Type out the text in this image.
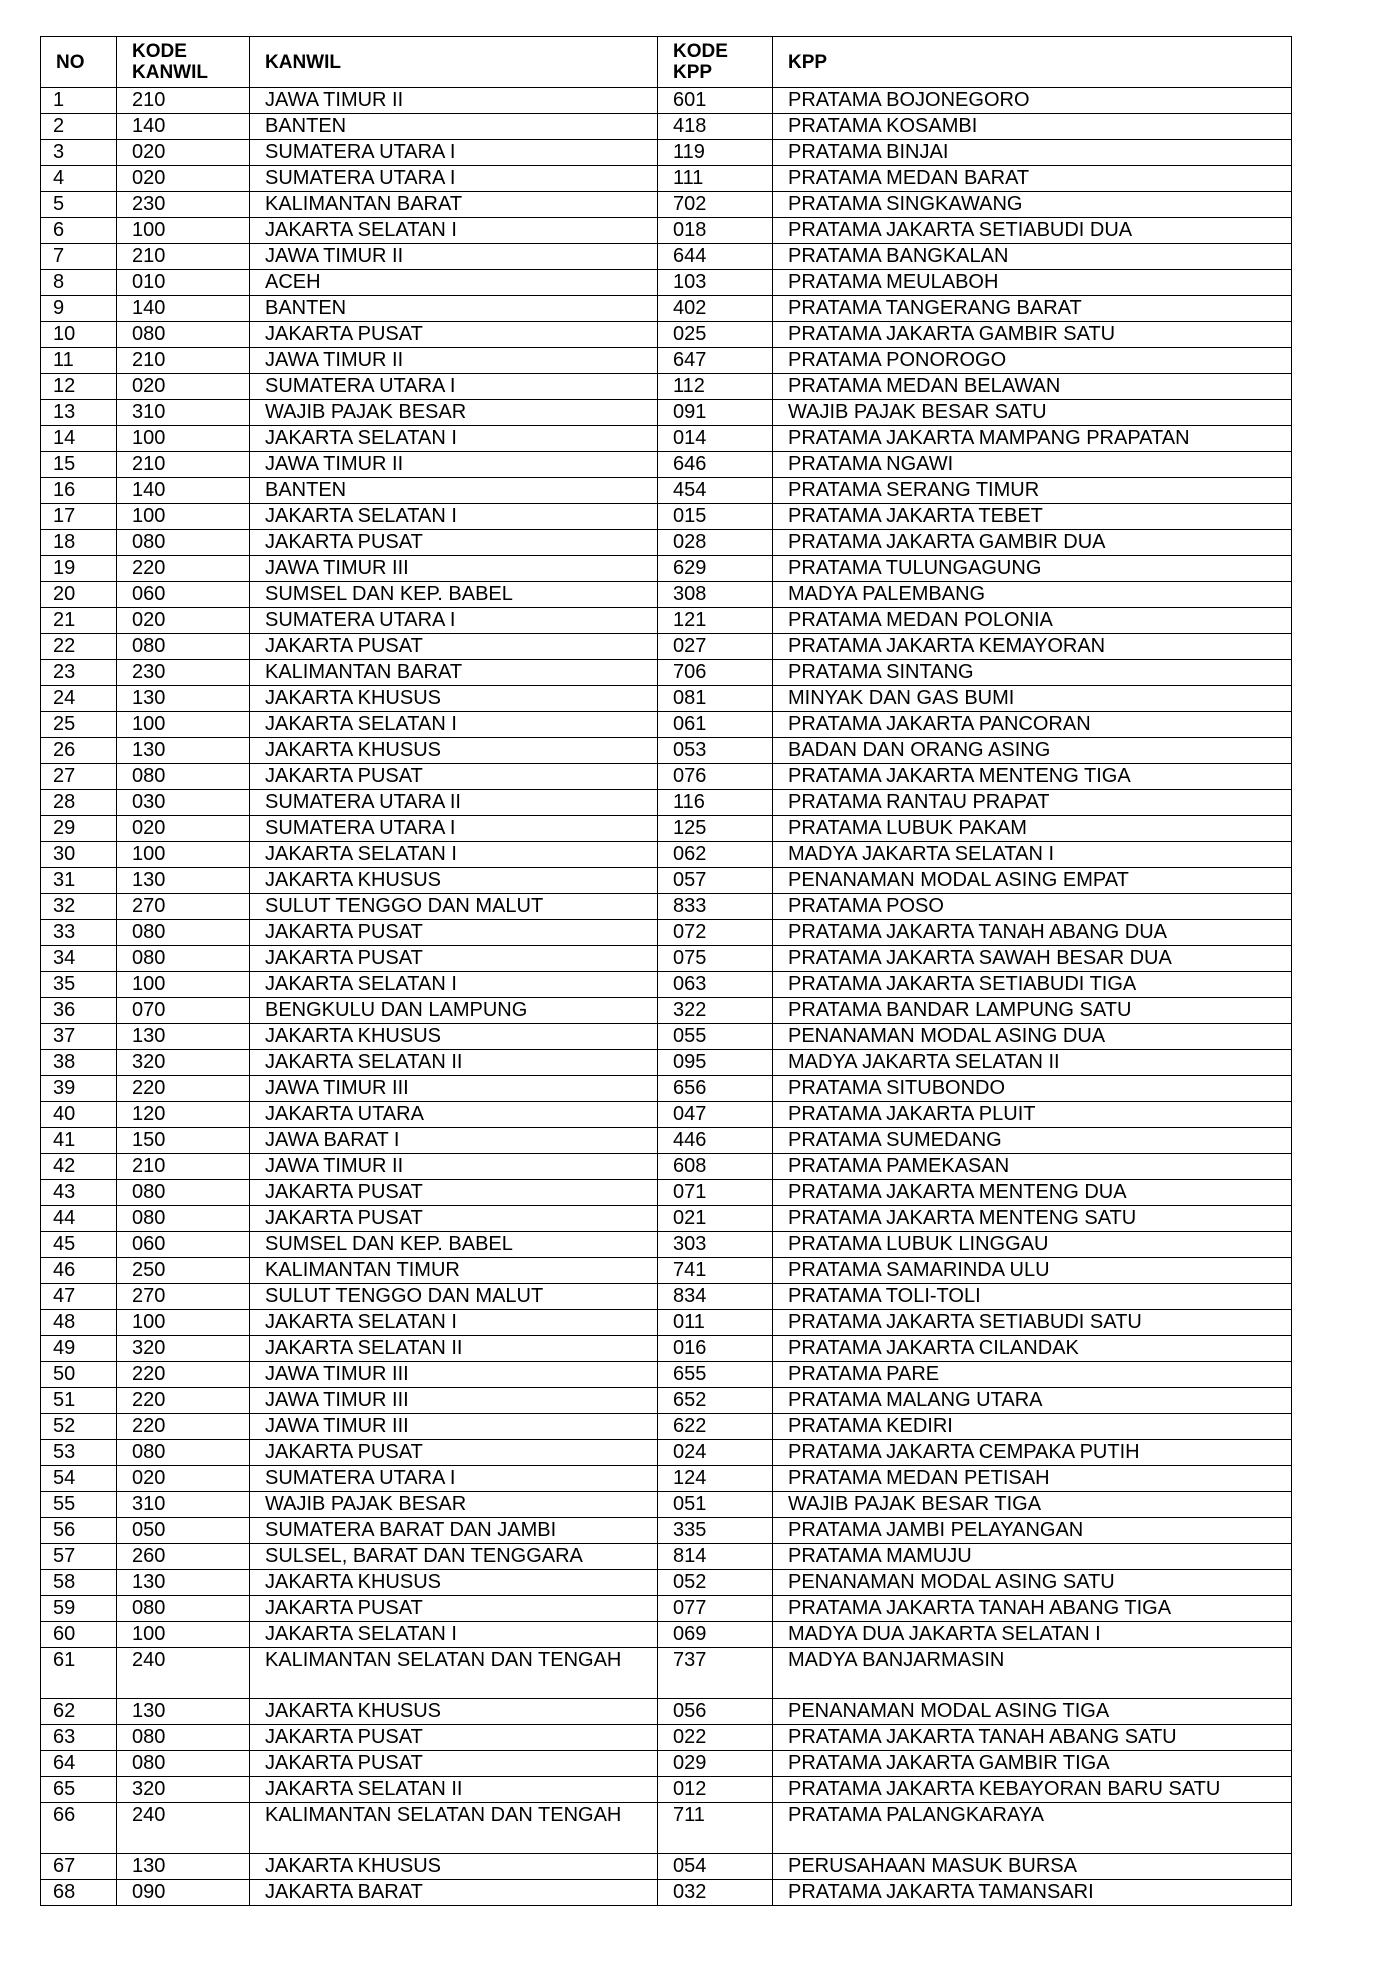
NO	KODE KANWIL	KANWIL	KODE KPP	KPP
1	210	JAWA TIMUR II	601	PRATAMA BOJONEGORO
2	140	BANTEN	418	PRATAMA KOSAMBI
3	020	SUMATERA UTARA I	119	PRATAMA BINJAI
4	020	SUMATERA UTARA I	111	PRATAMA MEDAN BARAT
5	230	KALIMANTAN BARAT	702	PRATAMA SINGKAWANG
6	100	JAKARTA SELATAN I	018	PRATAMA JAKARTA SETIABUDI DUA
7	210	JAWA TIMUR II	644	PRATAMA BANGKALAN
8	010	ACEH	103	PRATAMA MEULABOH
9	140	BANTEN	402	PRATAMA TANGERANG BARAT
10	080	JAKARTA PUSAT	025	PRATAMA JAKARTA GAMBIR SATU
11	210	JAWA TIMUR II	647	PRATAMA PONOROGO
12	020	SUMATERA UTARA I	112	PRATAMA MEDAN BELAWAN
13	310	WAJIB PAJAK BESAR	091	WAJIB PAJAK BESAR SATU
14	100	JAKARTA SELATAN I	014	PRATAMA JAKARTA MAMPANG PRAPATAN
15	210	JAWA TIMUR II	646	PRATAMA NGAWI
16	140	BANTEN	454	PRATAMA SERANG TIMUR
17	100	JAKARTA SELATAN I	015	PRATAMA JAKARTA TEBET
18	080	JAKARTA PUSAT	028	PRATAMA JAKARTA GAMBIR DUA
19	220	JAWA TIMUR III	629	PRATAMA TULUNGAGUNG
20	060	SUMSEL DAN KEP. BABEL	308	MADYA PALEMBANG
21	020	SUMATERA UTARA I	121	PRATAMA MEDAN POLONIA
22	080	JAKARTA PUSAT	027	PRATAMA JAKARTA KEMAYORAN
23	230	KALIMANTAN BARAT	706	PRATAMA SINTANG
24	130	JAKARTA KHUSUS	081	MINYAK DAN GAS BUMI
25	100	JAKARTA SELATAN I	061	PRATAMA JAKARTA PANCORAN
26	130	JAKARTA KHUSUS	053	BADAN DAN ORANG ASING
27	080	JAKARTA PUSAT	076	PRATAMA JAKARTA MENTENG TIGA
28	030	SUMATERA UTARA II	116	PRATAMA RANTAU PRAPAT
29	020	SUMATERA UTARA I	125	PRATAMA LUBUK PAKAM
30	100	JAKARTA SELATAN I	062	MADYA JAKARTA SELATAN I
31	130	JAKARTA KHUSUS	057	PENANAMAN MODAL ASING EMPAT
32	270	SULUT TENGGO DAN MALUT	833	PRATAMA POSO
33	080	JAKARTA PUSAT	072	PRATAMA JAKARTA TANAH ABANG DUA
34	080	JAKARTA PUSAT	075	PRATAMA JAKARTA SAWAH BESAR DUA
35	100	JAKARTA SELATAN I	063	PRATAMA JAKARTA SETIABUDI TIGA
36	070	BENGKULU DAN LAMPUNG	322	PRATAMA BANDAR LAMPUNG SATU
37	130	JAKARTA KHUSUS	055	PENANAMAN MODAL ASING DUA
38	320	JAKARTA SELATAN II	095	MADYA JAKARTA SELATAN II
39	220	JAWA TIMUR III	656	PRATAMA SITUBONDO
40	120	JAKARTA UTARA	047	PRATAMA JAKARTA PLUIT
41	150	JAWA BARAT I	446	PRATAMA SUMEDANG
42	210	JAWA TIMUR II	608	PRATAMA PAMEKASAN
43	080	JAKARTA PUSAT	071	PRATAMA JAKARTA MENTENG DUA
44	080	JAKARTA PUSAT	021	PRATAMA JAKARTA MENTENG SATU
45	060	SUMSEL DAN KEP. BABEL	303	PRATAMA LUBUK LINGGAU
46	250	KALIMANTAN TIMUR	741	PRATAMA SAMARINDA ULU
47	270	SULUT TENGGO DAN MALUT	834	PRATAMA TOLI-TOLI
48	100	JAKARTA SELATAN I	011	PRATAMA JAKARTA SETIABUDI SATU
49	320	JAKARTA SELATAN II	016	PRATAMA JAKARTA CILANDAK
50	220	JAWA TIMUR III	655	PRATAMA PARE
51	220	JAWA TIMUR III	652	PRATAMA MALANG UTARA
52	220	JAWA TIMUR III	622	PRATAMA KEDIRI
53	080	JAKARTA PUSAT	024	PRATAMA JAKARTA CEMPAKA PUTIH
54	020	SUMATERA UTARA I	124	PRATAMA MEDAN PETISAH
55	310	WAJIB PAJAK BESAR	051	WAJIB PAJAK BESAR TIGA
56	050	SUMATERA BARAT DAN JAMBI	335	PRATAMA JAMBI PELAYANGAN
57	260	SULSEL, BARAT DAN TENGGARA	814	PRATAMA MAMUJU
58	130	JAKARTA KHUSUS	052	PENANAMAN MODAL ASING SATU
59	080	JAKARTA PUSAT	077	PRATAMA JAKARTA TANAH ABANG TIGA
60	100	JAKARTA SELATAN I	069	MADYA DUA JAKARTA SELATAN I
61	240	KALIMANTAN SELATAN DAN TENGAH	737	MADYA BANJARMASIN
62	130	JAKARTA KHUSUS	056	PENANAMAN MODAL ASING TIGA
63	080	JAKARTA PUSAT	022	PRATAMA JAKARTA TANAH ABANG SATU
64	080	JAKARTA PUSAT	029	PRATAMA JAKARTA GAMBIR TIGA
65	320	JAKARTA SELATAN II	012	PRATAMA JAKARTA KEBAYORAN BARU SATU
66	240	KALIMANTAN SELATAN DAN TENGAH	711	PRATAMA PALANGKARAYA
67	130	JAKARTA KHUSUS	054	PERUSAHAAN MASUK BURSA
68	090	JAKARTA BARAT	032	PRATAMA JAKARTA TAMANSARI
